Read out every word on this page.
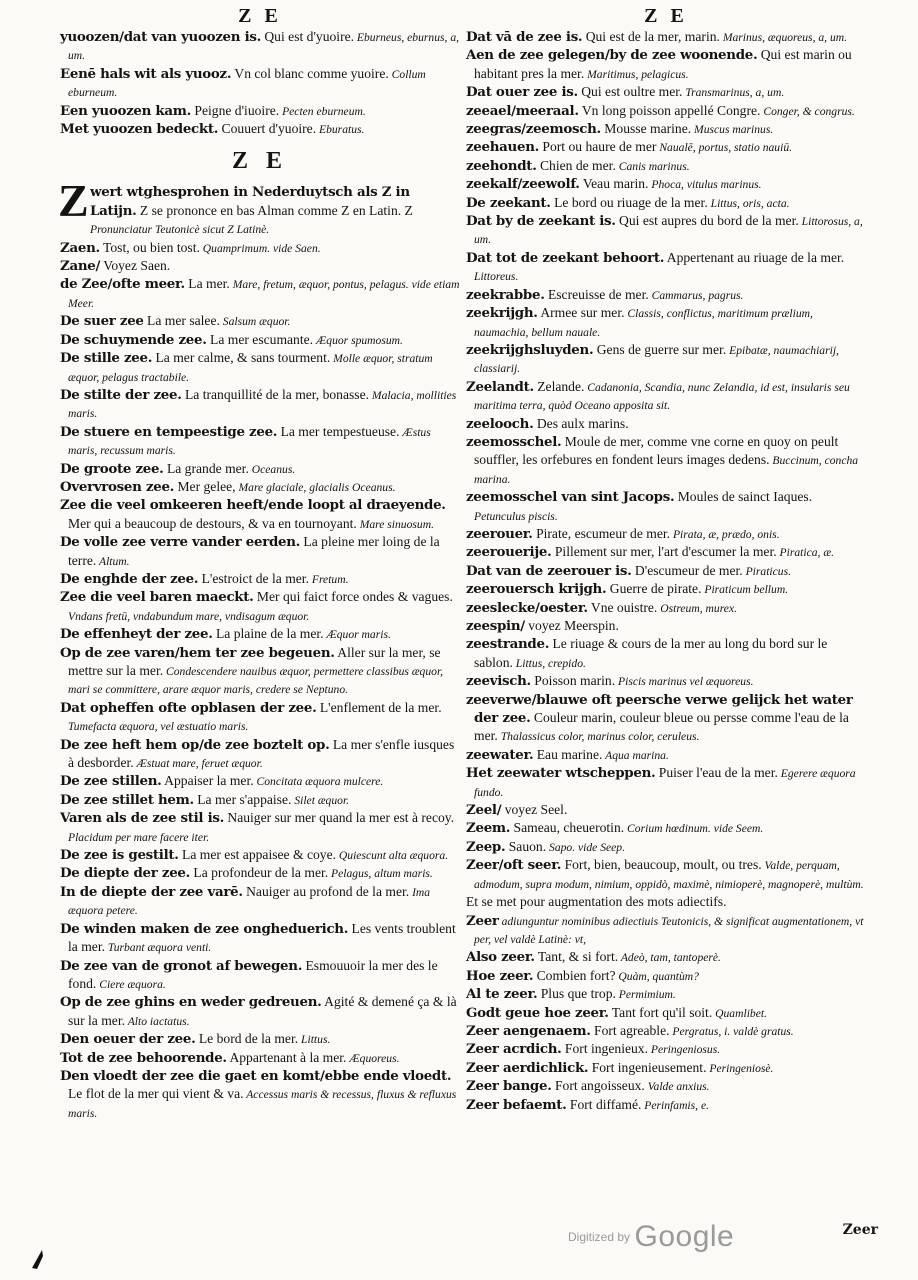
Z E

yuoozen/dat van yuoozen is. Qui est d'yuoire. Eburneus, eburnus, a, um.

Eenē hals wit als yuooz. Vn col blanc comme yuoire. Collum eburneum.

Een yuoozen kam. Peigne d'iuoire. Pecten eburneum.

Met yuoozen bedeckt. Couuert d'yuoire. Eburatus.

Z E

Z wert wtghesprohen in Nederduytsch als Z in Latijn. Z se prononce en bas Alman comme Z en Latin. Z Pronunciatur Teutonicè sicut Z Latinè.

Zaen. Tost, ou bien tost. Quamprimum. vide Saen.

Zane/ Voyez Saen.

de Zee/ofte meer. La mer. Mare, fretum, æquor, pontus, pelagus. vide etiam Meer.

De suer zee La mer salee. Salsum æquor.

De schuymende zee. La mer escumante. Æquor spumosum.

De stille zee. La mer calme, & sans tourment. Molle æquor, stratum æquor, pelagus tractabile.

De stilte der zee. La tranquillité de la mer, bonasse. Malacia, mollities maris.

De stuere en tempeestige zee. La mer tempestueuse. Æstus maris, recussum maris.

De groote zee. La grande mer. Oceanus.

Overvrosen zee. Mer gelee, Mare glaciale, glacialis Oceanus.

Zee die veel omkeeren heeft/ende loopt al draeyende. Mer qui a beaucoup de destours, & va en tournoyant. Mare sinuosum.

De volle zee verre vander eerden. La pleine mer loing de la terre. Altum.

De enghde der zee. L'estroict de la mer. Fretum.

Zee die veel baren maeckt. Mer qui faict force ondes & vagues. Vndans fretū, vndabundum mare, vndisagum æquor.

De effenheyt der zee. La plaine de la mer. Æquor maris.

Op de zee varen/hem ter zee begeuen. Aller sur la mer, se mettre sur la mer. Condescendere nauibus æquor, permettere classibus æquor, mari se committere, arare æquor maris, credere se Neptuno.

Dat opheffen ofte opblasen der zee. L'enflement de la mer. Tumefacta æquora, vel æstuatio maris.

De zee heft hem op/de zee boztelt op. La mer s'enfle iusques à desborder. Æstuat mare, feruet æquor.

De zee stillen. Appaiser la mer. Concitata æquora mulcere.

De zee stillet hem. La mer s'appaise. Silet æquor.

Varen als de zee stil is. Nauiger sur mer quand la mer est à recoy. Placidum per mare facere iter.

De zee is gestilt. La mer est appaisee & coye. Quiescunt alta æquora.

De diepte der zee. La profondeur de la mer. Pelagus, altum maris.

In de diepte der zee varē. Nauiger au profond de la mer. Ima æquora petere.

De winden maken de zee ongheduerich. Les vents troublent la mer. Turbant æquora venti.

De zee van de gronot af bewegen. Esmouuoir la mer des le fond. Ciere æquora.

Op de zee ghins en weder gedreuen. Agité & demené ça & là sur la mer. Alto iactatus.

Den oeuer der zee. Le bord de la mer. Littus.

Tot de zee behoorende. Appartenant à la mer. Æquoreus.

Den vloedt der zee die gaet en komt/ebbe ende vloedt. Le flot de la mer qui vient & va. Accessus maris & recessus, fluxus & refluxus maris.

Z E

Dat vā de zee is. Qui est de la mer, marin. Marinus, æquoreus, a, um.

Aen de zee gelegen/by de zee woonende. Qui est marin ou habitant pres la mer. Maritimus, pelagicus.

Dat ouer zee is. Qui est oultre mer. Transmarinus, a, um.

zeeael/meeraal. Vn long poisson appellé Congre. Conger, & congrus.

zeegras/zeemosch. Mousse marine. Muscus marinus.

zeehauen. Port ou haure de mer Naualē, portus, statio nauiū.

zeehondt. Chien de mer. Canis marinus.

zeekalf/zeewolf. Veau marin. Phoca, vitulus marinus.

De zeekant. Le bord ou riuage de la mer. Littus, oris, acta.

Dat by de zeekant is. Qui est aupres du bord de la mer. Littorosus, a, um.

Dat tot de zeekant behoort. Appertenant au riuage de la mer. Littoreus.

zeekrabbe. Escreuisse de mer. Cammarus, pagrus.

zeekrijgh. Armee sur mer. Classis, conflictus, maritimum prælium, naumachia, bellum nauale.

zeekrijghsluyden. Gens de guerre sur mer. Epibatæ, naumachiarij, classiarij.

Zeelandt. Zelande. Cadanonia, Scandia, nunc Zelandia, id est, insularis seu maritima terra, quòd Oceano apposita sit.

zeelooch. Des aulx marins.

zeemosschel. Moule de mer, comme vne corne en quoy on peult souffler, les orfebures en fondent leurs images dedens. Buccinum, concha marina.

zeemosschel van sint Jacops. Moules de sainct Iaques. Petunculus piscis.

zeerouer. Pirate, escumeur de mer. Pirata, æ, prædo, onis.

zeerouerije. Pillement sur mer, l'art d'escumer la mer. Piratica, æ.

Dat van de zeerouer is. D'escumeur de mer. Piraticus.

zeerouersch krijgh. Guerre de pirate. Piraticum bellum.

zeeslecke/oester. Vne ouistre. Ostreum, murex.

zeespin/ voyez Meerspin.

zeestrande. Le riuage & cours de la mer au long du bord sur le sablon. Littus, crepido.

zeevisch. Poisson marin. Piscis marinus vel æquoreus.

zeeverwe/blauwe oft peersche verwe gelijck het water der zee. Couleur marin, couleur bleue ou persse comme l'eau de la mer. Thalassicus color, marinus color, ceruleus.

zeewater. Eau marine. Aqua marina.

Het zeewater wtscheppen. Puiser l'eau de la mer. Egerere æquora fundo.

Zeel/ voyez Seel.

Zeem. Sameau, cheuerotin. Corium hœdinum. vide Seem.

Zeep. Sauon. Sapo. vide Seep.

Zeer/oft seer. Fort, bien, beaucoup, moult, ou tres. Valde, perquam, admodum, supra modum, nimium, oppidò, maximè, nimioperè, magnoperè, multùm.

Et se met pour augmentation des mots adiectifs.

Zeer adiunguntur nominibus adiectiuis Teutonicis, & significat augmentationem, vt per, vel valdè Latinè: vt,

Also zeer. Tant, & si fort. Adeò, tam, tantoperè.

Hoe zeer. Combien fort? Quàm, quantùm?

Al te zeer. Plus que trop. Permimium.

Godt geue hoe zeer. Tant fort qu'il soit. Quamlibet.

Zeer aengenaem. Fort agreable. Pergratus, i. valdè gratus.

Zeer acrdich. Fort ingenieux. Peringeniosus.

Zeer aerdichlick. Fort ingenieusement. Peringeniosè.

Zeer bange. Fort angoisseux. Valde anxius.

Zeer befaemt. Fort diffamé. Perinfamis, e.

Zeer
Digitized by Google
